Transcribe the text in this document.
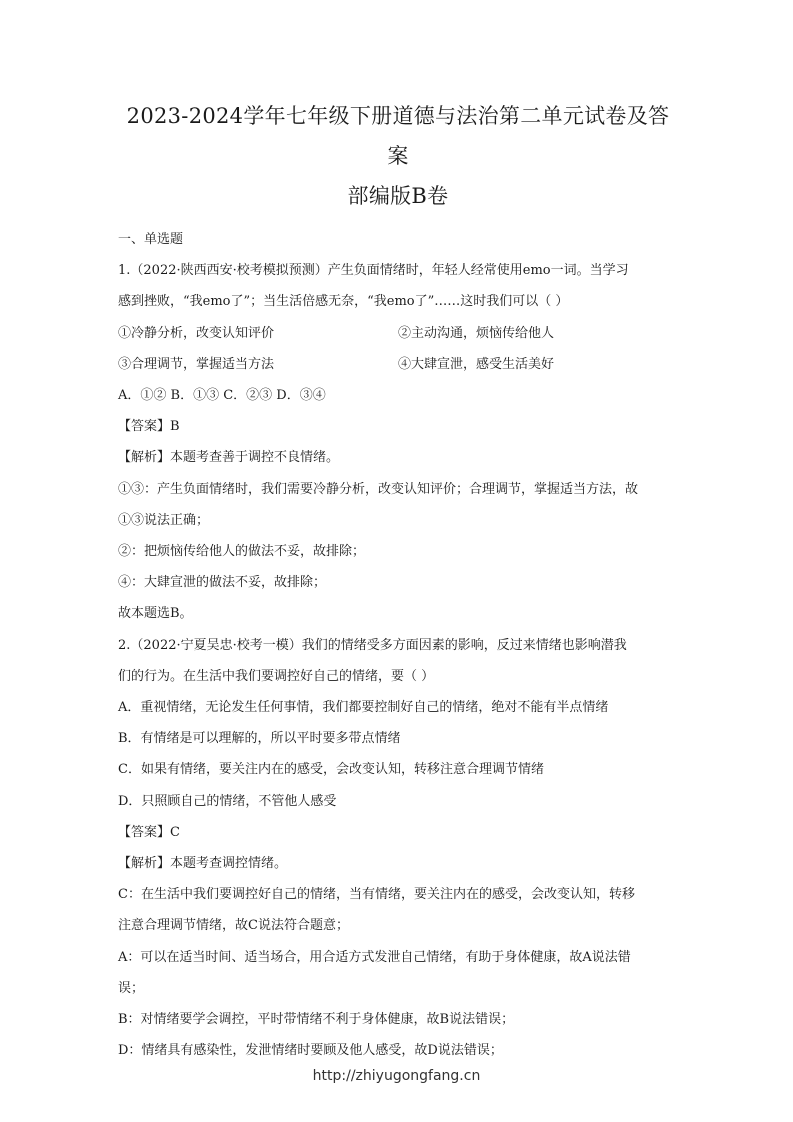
2023-2024学年七年级下册道德与法治第二单元试卷及答案
部编版B卷

一、单选题

1.（2022·陕西西安·校考模拟预测）产生负面情绪时，年轻人经常使用emo一词。当学习

感到挫败，“我emo了”；当生活倍感无奈，“我emo了”……这时我们可以（ ）

①冷静分析，改变认知评价	②主动沟通，烦恼传给他人
③合理调节，掌握适当方法	④大肆宣泄，感受生活美好

A．①② B．①③ C．②③ D．③④

【答案】B

【解析】本题考查善于调控不良情绪。

①③：产生负面情绪时，我们需要冷静分析，改变认知评价；合理调节，掌握适当方法，故

①③说法正确；

②：把烦恼传给他人的做法不妥，故排除；

④：大肆宣泄的做法不妥，故排除；

故本题选B。

2.（2022·宁夏吴忠·校考一模）我们的情绪受多方面因素的影响，反过来情绪也影响潜我

们的行为。在生活中我们要调控好自己的情绪，要（ ）

A．重视情绪，无论发生任何事情，我们都要控制好自己的情绪，绝对不能有半点情绪

B．有情绪是可以理解的，所以平时要多带点情绪

C．如果有情绪，要关注内在的感受，会改变认知，转移注意合理调节情绪

D．只照顾自己的情绪，不管他人感受

【答案】C

【解析】本题考查调控情绪。

C：在生活中我们要调控好自己的情绪，当有情绪，要关注内在的感受，会改变认知，转移

注意合理调节情绪，故C说法符合题意；

A：可以在适当时间、适当场合，用合适方式发泄自己情绪，有助于身体健康，故A说法错

误；

B：对情绪要学会调控，平时带情绪不利于身体健康，故B说法错误；

D：情绪具有感染性，发泄情绪时要顾及他人感受，故D说法错误；

http://zhiyugongfang.cn
